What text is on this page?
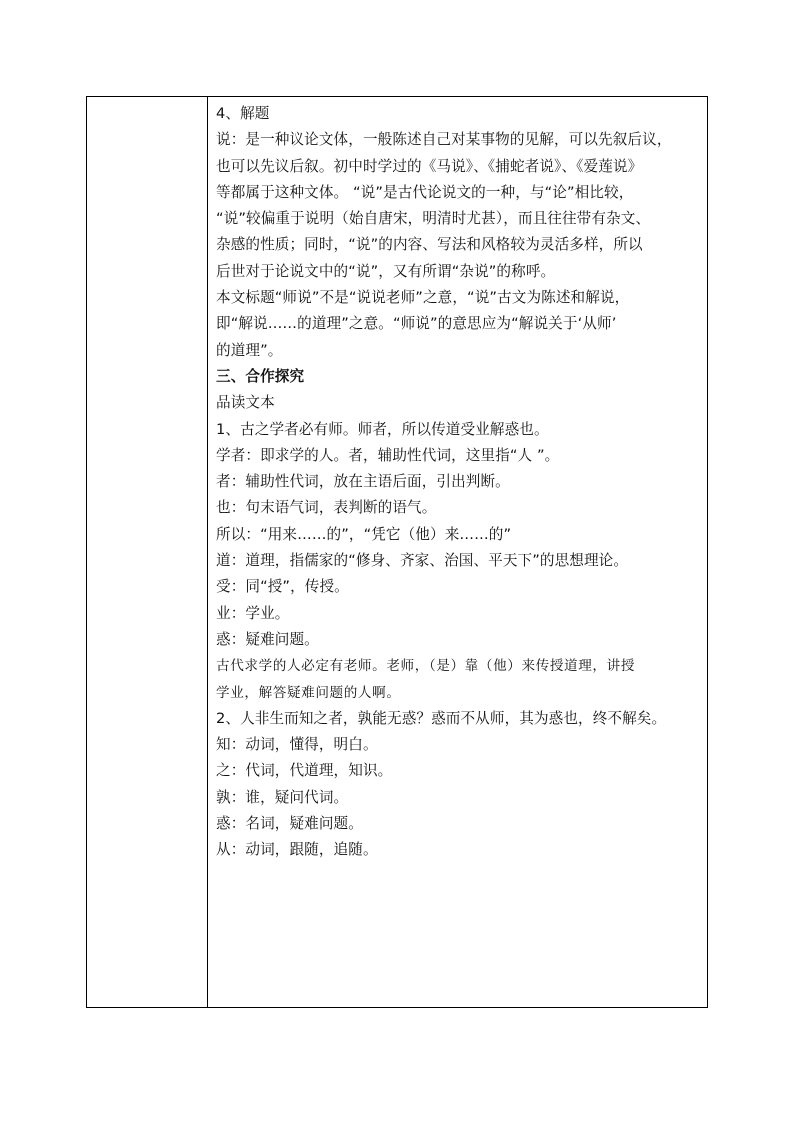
4、解题
说：是一种议论文体，一般陈述自己对某事物的见解，可以先叙后议，
也可以先议后叙。初中时学过的《马说》、《捕蛇者说》、《爱莲说》
等都属于这种文体。 “说”是古代论说文的一种，与“论”相比较，
“说”较偏重于说明（始自唐宋，明清时尤甚），而且往往带有杂文、
杂感的性质；同时，“说”的内容、写法和风格较为灵活多样，所以
后世对于论说文中的“说”，又有所谓“杂说”的称呼。
本文标题“师说”不是“说说老师”之意，“说”古文为陈述和解说，
即“解说……的道理”之意。“师说”的意思应为“解说关于‘从师’
的道理”。
三、合作探究
品读文本
1、古之学者必有师。师者，所以传道受业解惑也。
学者：即求学的人。者，辅助性代词，这里指“人 ”。
者：辅助性代词，放在主语后面，引出判断。
也：句末语气词，表判断的语气。
所以：“用来……的”，“凭它（他）来……的”
道：道理，指儒家的“修身、齐家、治国、平天下”的思想理论。
受：同“授”，传授。
业：学业。
惑：疑难问题。
古代求学的人必定有老师。老师，（是）靠（他）来传授道理，讲授
学业，解答疑难问题的人啊。
2、人非生而知之者，孰能无惑？惑而不从师，其为惑也，终不解矣。
知：动词，懂得，明白。
之：代词，代道理，知识。
孰：谁，疑问代词。
惑：名词，疑难问题。
从：动词，跟随，追随。
